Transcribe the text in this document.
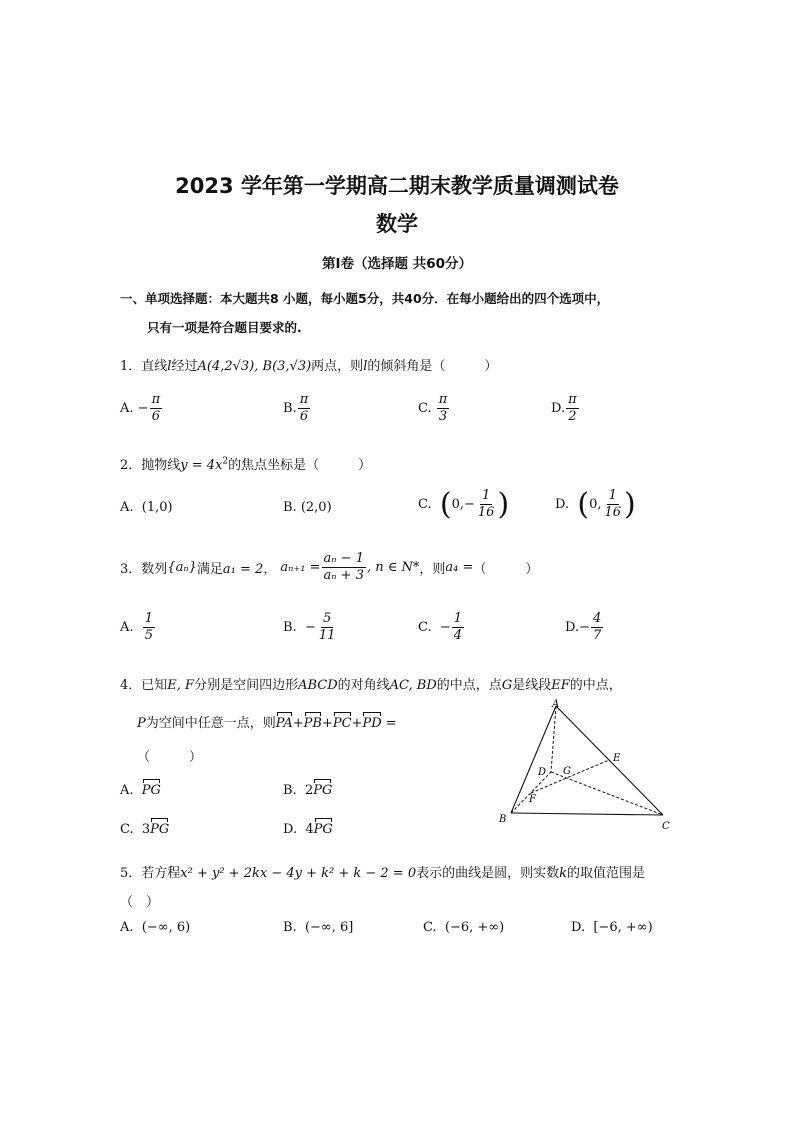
2023 学年第一学期高二期末教学质量调测试卷
数学
第Ⅰ卷（选择题 共60分）
一、单项选择题：本大题共8 小题，每小题5分，共40分．在每小题给出的四个选项中，
只有一项是符合题目要求的.
1．直线l经过A(4,2√3), B(3,√3)两点，则l的倾斜角是（　　　）
A.
− $\frac{\pi}{6}$	B. $\frac{\pi}{6}$	C.
$\frac{\pi}{3}$	D. $\frac{\pi}{2}$
2．抛物线$y = 4x^2$的焦点坐标是（　　　）
A.
(1,0)	B.
(2,0)	C.
( $0,- \frac{1}{16}$ )	D.
( 0, $\frac{1}{16}$ )
3． 数列 {aₙ} 满足 a₁ = 2，
$a_{n+1} = \frac{\text{aₙ − 1}}{\text{aₙ + 3}}$ , n ∈ N* ，则 a₄ = （　　　）
A.
$\frac{1}{5}$	B.
− $\frac{5}{11}$	C.
− $\frac{1}{4}$	D. − $\frac{4}{7}$
4．已知E, F分别是空间四边形ABCD的对角线AC, BD的中点，点G是线段EF的中点，
P为空间中任意一点，则PA+PB+PC+PD =
（　　　）
A.
PG	B.
2 PG
C.
3 PG	D.
4 PG
A
B
C
D
E
F
G
5．若方程x² + y² + 2kx − 4y + k² + k − 2 = 0表示的曲线是圆，则实数k的取值范围是
（　）
A.
(−∞, 6)	B.
(−∞, 6]	C.
(−6, +∞)	D.
[−6, +∞)
